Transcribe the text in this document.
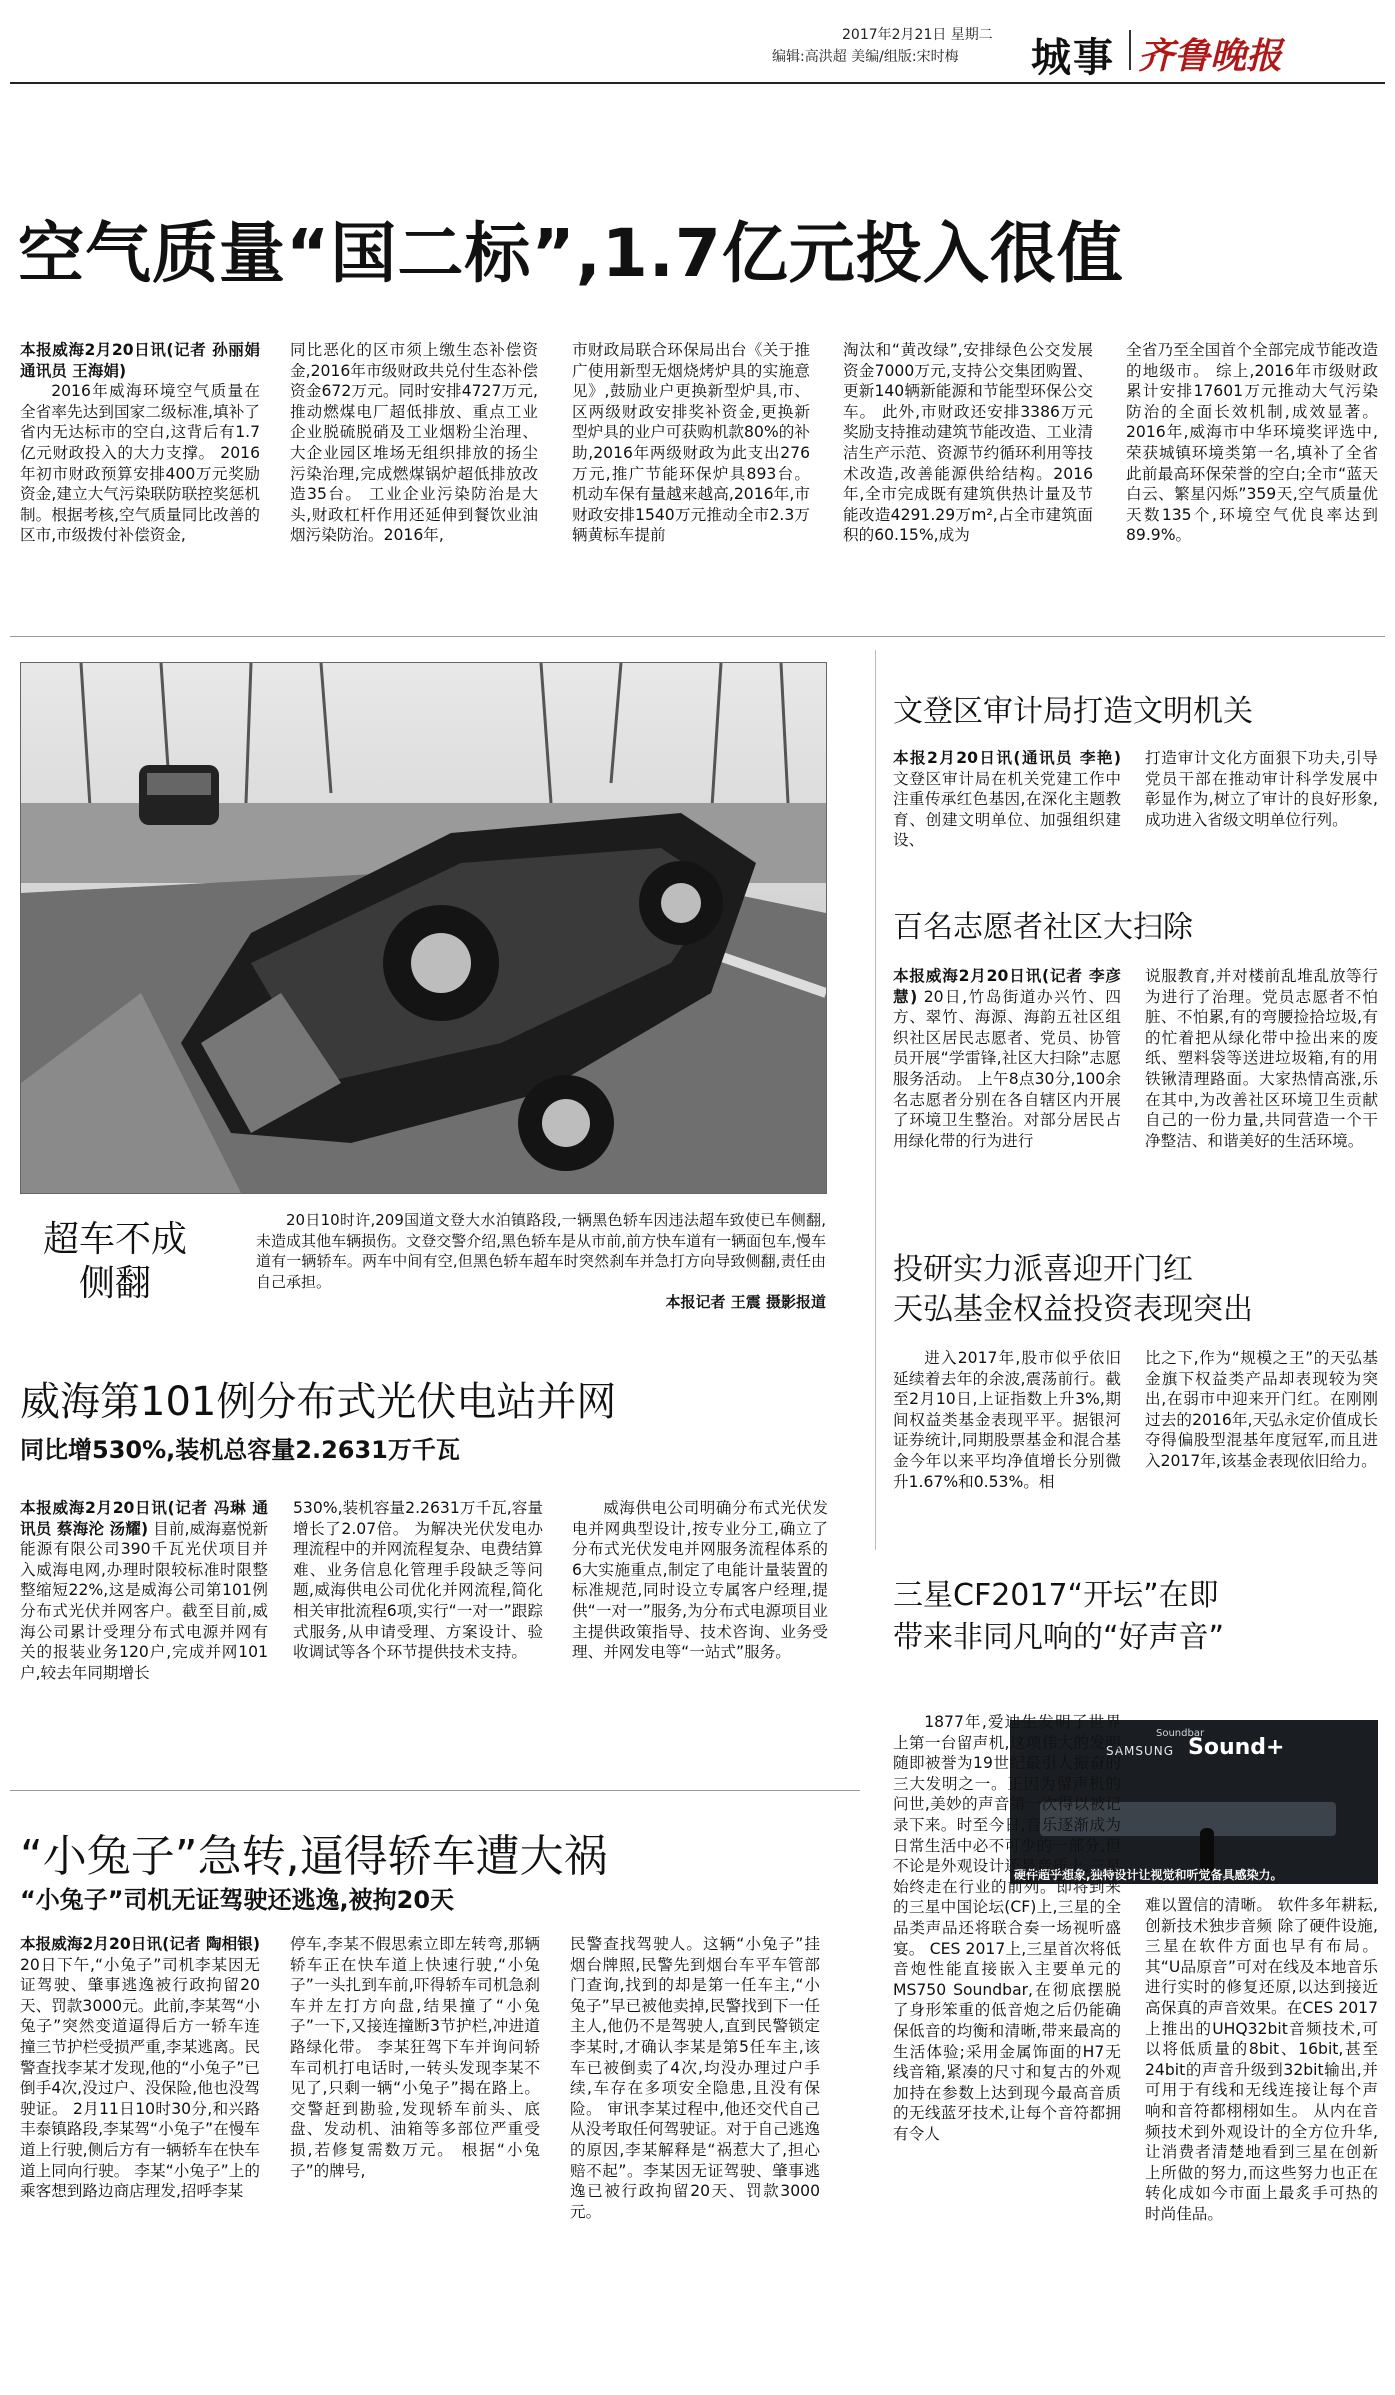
2017年2月21日 星期二
编辑:高洪超 美编/组版:宋时梅 城事 齐鲁晚报
空气质量“国二标”,1.7亿元投入很值

本报威海2月20日讯(记者 孙丽娟 通讯员 王海娟)

2016年威海环境空气质量在全省率先达到国家二级标准,填补了省内无达标市的空白,这背后有1.7亿元财政投入的大力支撑。 2016年初市财政预算安排400万元奖励资金,建立大气污染联防联控奖惩机制。根据考核,空气质量同比改善的区市,市级拨付补偿资金,

同比恶化的区市须上缴生态补偿资金,2016年市级财政共兑付生态补偿资金672万元。同时安排4727万元,推动燃煤电厂超低排放、重点工业企业脱硫脱硝及工业烟粉尘治理、大企业园区堆场无组织排放的扬尘污染治理,完成燃煤锅炉超低排放改造35台。 工业企业污染防治是大头,财政杠杆作用还延伸到餐饮业油烟污染防治。2016年,

市财政局联合环保局出台《关于推广使用新型无烟烧烤炉具的实施意见》,鼓励业户更换新型炉具,市、区两级财政安排奖补资金,更换新型炉具的业户可获购机款80%的补助,2016年两级财政为此支出276万元,推广节能环保炉具893台。 机动车保有量越来越高,2016年,市财政安排1540万元推动全市2.3万辆黄标车提前

淘汰和“黄改绿”,安排绿色公交发展资金7000万元,支持公交集团购置、更新140辆新能源和节能型环保公交车。 此外,市财政还安排3386万元奖励支持推动建筑节能改造、工业清洁生产示范、资源节约循环利用等技术改造,改善能源供给结构。2016年,全市完成既有建筑供热计量及节能改造4291.29万m²,占全市建筑面积的60.15%,成为

全省乃至全国首个全部完成节能改造的地级市。 综上,2016年市级财政累计安排17601万元推动大气污染防治的全面长效机制,成效显著。2016年,威海市中华环境奖评选中,荣获城镇环境类第一名,填补了全省此前最高环保荣誉的空白;全市“蓝天白云、繁星闪烁”359天,空气质量优天数135个,环境空气优良率达到89.9%。

超车不成
侧翻
20日10时许,209国道文登大水泊镇路段,一辆黑色轿车因违法超车致使已车侧翻,未造成其他车辆损伤。文登交警介绍,黑色轿车是从市前,前方快车道有一辆面包车,慢车道有一辆轿车。两车中间有空,但黑色轿车超车时突然刹车并急打方向导致侧翻,责任由自己承担。
本报记者 王震 摄影报道
文登区审计局打造文明机关

本报2月20日讯(通讯员 李艳) 文登区审计局在机关党建工作中注重传承红色基因,在深化主题教育、创建文明单位、加强组织建设、

打造审计文化方面狠下功夫,引导党员干部在推动审计科学发展中彰显作为,树立了审计的良好形象,成功进入省级文明单位行列。

百名志愿者社区大扫除

本报威海2月20日讯(记者 李彦慧) 20日,竹岛街道办兴竹、四方、翠竹、海源、海韵五社区组织社区居民志愿者、党员、协管员开展“学雷锋,社区大扫除”志愿服务活动。 上午8点30分,100余名志愿者分别在各自辖区内开展了环境卫生整治。对部分居民占用绿化带的行为进行

说服教育,并对楼前乱堆乱放等行为进行了治理。党员志愿者不怕脏、不怕累,有的弯腰捡拾垃圾,有的忙着把从绿化带中捡出来的废纸、塑料袋等送进垃圾箱,有的用铁锹清理路面。大家热情高涨,乐在其中,为改善社区环境卫生贡献自己的一份力量,共同营造一个干净整洁、和谐美好的生活环境。

投研实力派喜迎开门红
天弘基金权益投资表现突出

进入2017年,股市似乎依旧延续着去年的余波,震荡前行。截至2月10日,上证指数上升3%,期间权益类基金表现平平。据银河证券统计,同期股票基金和混合基金今年以来平均净值增长分别微升1.67%和0.53%。相

比之下,作为“规模之王”的天弘基金旗下权益类产品却表现较为突出,在弱市中迎来开门红。在刚刚过去的2016年,天弘永定价值成长夺得偏股型混基年度冠军,而且进入2017年,该基金表现依旧给力。

威海第101例分布式光伏电站并网
同比增530%,装机总容量2.2631万千瓦

本报威海2月20日讯(记者 冯琳 通讯员 蔡海沦 汤耀) 目前,威海嘉悦新能源有限公司390千瓦光伏项目并入威海电网,办理时限较标准时限整整缩短22%,这是威海公司第101例分布式光伏并网客户。截至目前,威海公司累计受理分布式电源并网有关的报装业务120户,完成并网101户,较去年同期增长

530%,装机容量2.2631万千瓦,容量增长了2.07倍。 为解决光伏发电办理流程中的并网流程复杂、电费结算难、业务信息化管理手段缺乏等问题,威海供电公司优化并网流程,简化相关审批流程6项,实行“一对一”跟踪式服务,从申请受理、方案设计、验收调试等各个环节提供技术支持。

威海供电公司明确分布式光伏发电并网典型设计,按专业分工,确立了分布式光伏发电并网服务流程体系的6大实施重点,制定了电能计量装置的标准规范,同时设立专属客户经理,提供“一对一”服务,为分布式电源项目业主提供政策指导、技术咨询、业务受理、并网发电等“一站式”服务。

“小兔子”急转,逼得轿车遭大祸
“小兔子”司机无证驾驶还逃逸,被拘20天

本报威海2月20日讯(记者 陶相银) 20日下午,“小兔子”司机李某因无证驾驶、肇事逃逸被行政拘留20天、罚款3000元。此前,李某驾“小兔子”突然变道逼得后方一轿车连撞三节护栏受损严重,李某逃离。民警查找李某才发现,他的“小兔子”已倒手4次,没过户、没保险,他也没驾驶证。 2月11日10时30分,和兴路丰泰镇路段,李某驾“小兔子”在慢车道上行驶,侧后方有一辆轿车在快车道上同向行驶。 李某“小兔子”上的乘客想到路边商店理发,招呼李某

停车,李某不假思索立即左转弯,那辆轿车正在快车道上快速行驶,“小兔子”一头扎到车前,吓得轿车司机急刹车并左打方向盘,结果撞了“小兔子”一下,又接连撞断3节护栏,冲进道路绿化带。 李某狂驾下车并询问轿车司机打电话时,一转头发现李某不见了,只剩一辆“小兔子”揭在路上。 交警赶到勘验,发现轿车前头、底盘、发动机、油箱等多部位严重受损,若修复需数万元。 根据“小兔子”的牌号,

民警查找驾驶人。这辆“小兔子”挂烟台牌照,民警先到烟台车平车管部门查询,找到的却是第一任车主,“小兔子”早已被他卖掉,民警找到下一任主人,他仍不是驾驶人,直到民警锁定李某时,才确认李某是第5任车主,该车已被倒卖了4次,均没办理过户手续,车存在多项安全隐患,且没有保险。 审讯李某过程中,他还交代自己从没考取任何驾驶证。对于自己逃逸的原因,李某解释是“祸惹大了,担心赔不起”。李某因无证驾驶、肇事逃逸已被行政拘留20天、罚款3000元。

三星CF2017“开坛”在即
带来非同凡响的“好声音”
Soundbar
SAMSUNG Sound+
硬件超乎想象,独特设计让视觉和听觉备具感染力。

1877年,爱迪生发明了世界上第一台留声机,这项伟大的发明随即被誉为19世纪最引人振奋的三大发明之一。正因为留声机的问世,美妙的声音第一次得以被记录下来。时至今日,音乐逐渐成为日常生活中必不可少的一部分,但不论是外观设计还是音质上,三星始终走在行业的前列。即将到来的三星中国论坛(CF)上,三星的全品类声品还将联合奏一场视听盛宴。 CES 2017上,三星首次将低音炮性能直接嵌入主要单元的MS750 Soundbar,在彻底摆脱了身形笨重的低音炮之后仍能确保低音的均衡和清晰,带来最高的生活体验;采用金属饰面的H7无线音箱,紧凑的尺寸和复古的外观加持在参数上达到现今最高音质的无线蓝牙技术,让每个音符都拥有令人

难以置信的清晰。 软件多年耕耘,创新技术独步音频 除了硬件设施,三星在软件方面也早有布局。其“U品原音”可对在线及本地音乐进行实时的修复还原,以达到接近高保真的声音效果。在CES 2017上推出的UHQ32bit音频技术,可以将低质量的8bit、16bit,甚至24bit的声音升级到32bit输出,并可用于有线和无线连接让每个声响和音符都栩栩如生。 从内在音频技术到外观设计的全方位升华,让消费者清楚地看到三星在创新上所做的努力,而这些努力也正在转化成如今市面上最炙手可热的时尚佳品。
